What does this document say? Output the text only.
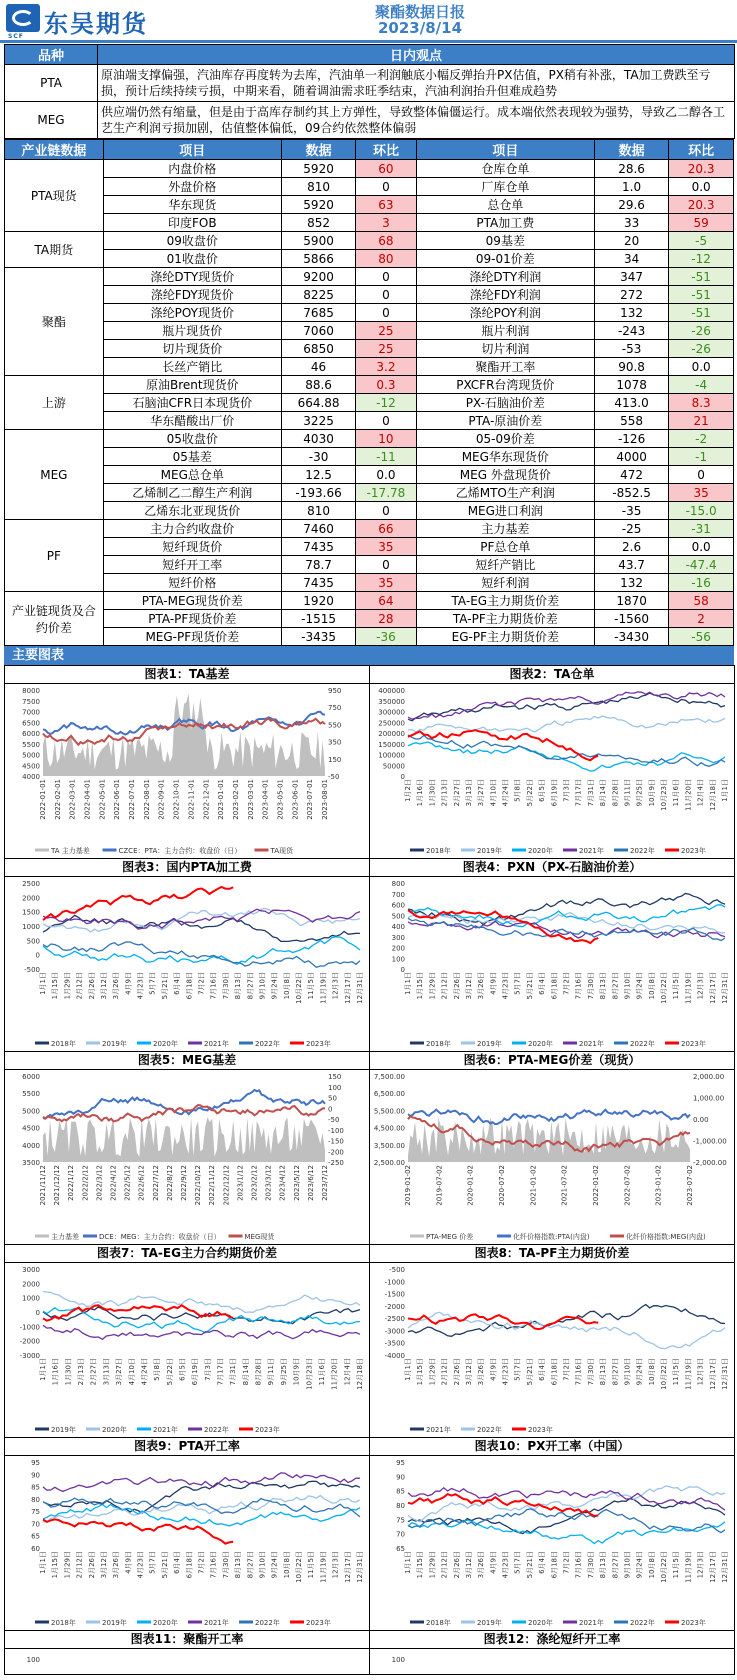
SCF 东吴期货	聚酯数据日报
2023/8/14
品种	日内观点
PTA	原油端支撑偏强，汽油库存再度转为去库，汽油单一利润触底小幅反弹抬升PX估值，PX稍有补涨，TA加工费跌至亏损，预计后续持续亏损，中期来看，随着调油需求旺季结束，汽油利润抬升但难成趋势
MEG	供应端仍然有缩量，但是由于高库存制约其上方弹性，导致整体偏僵运行。成本端依然表现较为强势，导致乙二醇各工艺生产利润亏损加剧，估值整体偏低，09合约依然整体偏弱
产业链数据	项目	数据	环比	项目	数据	环比
PTA现货	内盘价格	5920	60	仓库仓单	28.6	20.3
	外盘价格	810	0	厂库仓单	1.0	0.0
	华东现货	5920	63	总仓单	29.6	20.3
	印度FOB	852	3	PTA加工费	33	59
TA期货	09收盘价	5900	68	09基差	20	-5
	01收盘价	5866	80	09-01价差	34	-12
聚酯	涤纶DTY现货价	9200	0	涤纶DTY利润	347	-51
	涤纶FDY现货价	8225	0	涤纶FDY利润	272	-51
	涤纶POY现货价	7685	0	涤纶POY利润	132	-51
	瓶片现货价	7060	25	瓶片利润	-243	-26
	切片现货价	6850	25	切片利润	-53	-26
	长丝产销比	46	3.2	聚酯开工率	90.8	0.0
上游	原油Brent现货价	88.6	0.3	PXCFR台湾现货价	1078	-4
	石脑油CFR日本现货价	664.88	-12	PX-石脑油价差	413.0	8.3
	华东醋酸出厂价	3225	0	PTA-原油价差	558	21
MEG	05收盘价	4030	10	05-09价差	-126	-2
	05基差	-30	-11	MEG华东现货价	4000	-1
	MEG总仓单	12.5	0.0	MEG 外盘现货价	472	0
	乙烯制乙二醇生产利润	-193.66	-17.78	乙烯MTO生产利润	-852.5	35
	乙烯东北亚现货价	810	0	MEG进口利润	-35	-15.0
PF	主力合约收盘价	7460	66	主力基差	-25	-31
	短纤现货价	7435	35	PF总仓单	2.6	0.0
	短纤开工率	78.7	0	短纤产销比	43.7	-47.4
	短纤价格	7435	35	短纤利润	132	-16
产业链现货及合约价差	PTA-MEG现货价差	1920	64	TA-EG主力期货价差	1870	58
	PTA-PF现货价差	-1515	28	TA-PF主力期货价差	-1560	2
	MEG-PF现货价差	-3435	-36	EG-PF主力期货价差	-3430	-56
主要图表
图表1：TA基差
8000
7500
7000
6500
6000
5500
5000
4500
4000
950
750
550
350
150
-50
2022-01-01 2022-02-01 2022-03-01 2022-04-01 2022-05-01 2022-06-01 2022-07-01 2022-08-01 2022-09-01 2022-10-01 2022-11-01 2022-12-01 2023-01-01 2023-02-01 2023-03-01 2023-04-01 2023-05-01 2023-06-01 2023-07-01 2023-08-01
TA 主力基差	CZCE：PTA：主力合约：收盘价（日）	TA现货
图表2：TA仓单
400000
350000
300000
250000
200000
150000
100000
50000
0
1月2日 1月16日 1月30日 2月13日 2月27日 3月13日 3月27日 4月10日 4月24日 5月8日 5月22日 6月5日 6月19日 7月3日 7月17日 7月31日 8月14日 8月28日 9月11日 9月25日 10月9日 10月23日 11月6日 11月20日 12月4日 12月18日 1月1日
2018年	2019年	2020年	2021年	2022年	2023年
图表3：国内PTA加工费
2500
2000
1500
1000
500
0
-500
1月1日 1月15日 1月29日 2月12日 2月26日 3月12日 3月26日 4月9日 4月23日 5月7日 5月21日 6月4日 6月18日 7月2日 7月16日 7月30日 8月13日 8月27日 9月10日 9月24日 10月8日 10月22日 11月5日 11月19日 12月3日 12月17日 12月31日
2018年	2019年	2020年	2021年	2022年	2023年
图表4：PXN（PX-石脑油价差）
800
700
600
500
400
300
200
100
0
1月1日 1月15日 1月29日 2月12日 2月26日 3月12日 3月26日 4月9日 4月23日 5月7日 5月21日 6月4日 6月18日 7月2日 7月16日 7月30日 8月13日 8月27日 9月10日 9月24日 10月8日 10月22日 11月5日 11月19日 12月3日 12月17日 12月31日
2018年	2019年	2020年	2021年	2022年	2023年
图表5：MEG基差
6000
5500
5000
4500
4000
3500
150
100
50
0
-50
-100
-150
-200
-250
2021/11/12 2021/12/12 2022/1/12 2022/2/12 2022/3/12 2022/4/12 2022/5/12 2022/6/12 2022/7/12 2022/8/12 2022/9/12 2022/10/12 2022/11/12 2022/12/12 2023/1/12 2023/2/12 2023/3/12 2023/4/12 2023/5/12 2023/6/12 2023/7/12
主力基差	DCE：MEG：主力合约：收盘价（日）	MEG现货
图表6：PTA-MEG价差（现货）
7,500.00
6,500.00
5,500.00
4,500.00
3,500.00
2,500.00
2,000.00
1,000.00
0.00
-1,000.00
-2,000.00
2019-01-02	2019-07-02	2020-01-02	2020-07-02	2021-01-02	2021-07-02	2022-01-02	2022-07-02	2023-01-02	2023-07-02
PTA-MEG 价差	化纤价格指数:PTA(内盘)	化纤价格指数:MEG(内盘)
图表7：TA-EG主力合约期货价差
3000
2000
1000
0
-1000
-2000
-3000
1月1日 1月16日 1月30日 2月13日 2月27日 3月13日 3月27日 4月10日 4月24日 5月8日 5月22日 6月5日 6月19日 7月3日 7月17日 7月31日 8月14日 8月28日 9月11日 9月25日 10月9日 10月23日 11月6日 11月20日 12月4日 12月18日
2019年	2020年	2021年	2022年	2023年
图表8：TA-PF主力期货价差
-500
-1000
-1500
-2000
-2500
-3000
-3500
-4000
1月1日 1月15日 1月29日 2月12日 2月26日 3月12日 3月26日 4月9日 4月23日 5月7日 5月21日 6月4日 6月18日 7月2日 7月16日 7月30日 8月13日 8月27日 9月10日 9月24日 10月8日 10月22日 11月5日 11月19日 12月3日 12月17日 12月31日
2021年	2022年	2023年
图表9：PTA开工率
95
90
85
80
75
70
65
60
1月1日 1月15日 1月29日 2月12日 2月26日 3月12日 3月26日 4月9日 4月23日 5月7日 5月21日 6月4日 6月18日 7月2日 7月16日 7月30日 8月13日 8月27日 9月10日 9月24日 10月8日 10月22日 11月5日 11月19日 12月3日 12月17日 12月31日
2018年	2019年	2020年	2021年	2022年	2023年
图表10：PX开工率（中国）
95
90
85
80
75
70
65
1月1日 1月15日 1月29日 2月12日 2月26日 3月12日 3月26日 4月9日 4月23日 5月7日 5月21日 6月4日 6月18日 7月2日 7月16日 7月30日 8月13日 8月27日 9月10日 9月24日 10月8日 10月22日 11月5日 11月19日 12月3日 12月17日 12月31日
2018年	2019年	2020年	2021年	2022年	2023年
图表11：聚酯开工率
100
图表12：涤纶短纤开工率
100
